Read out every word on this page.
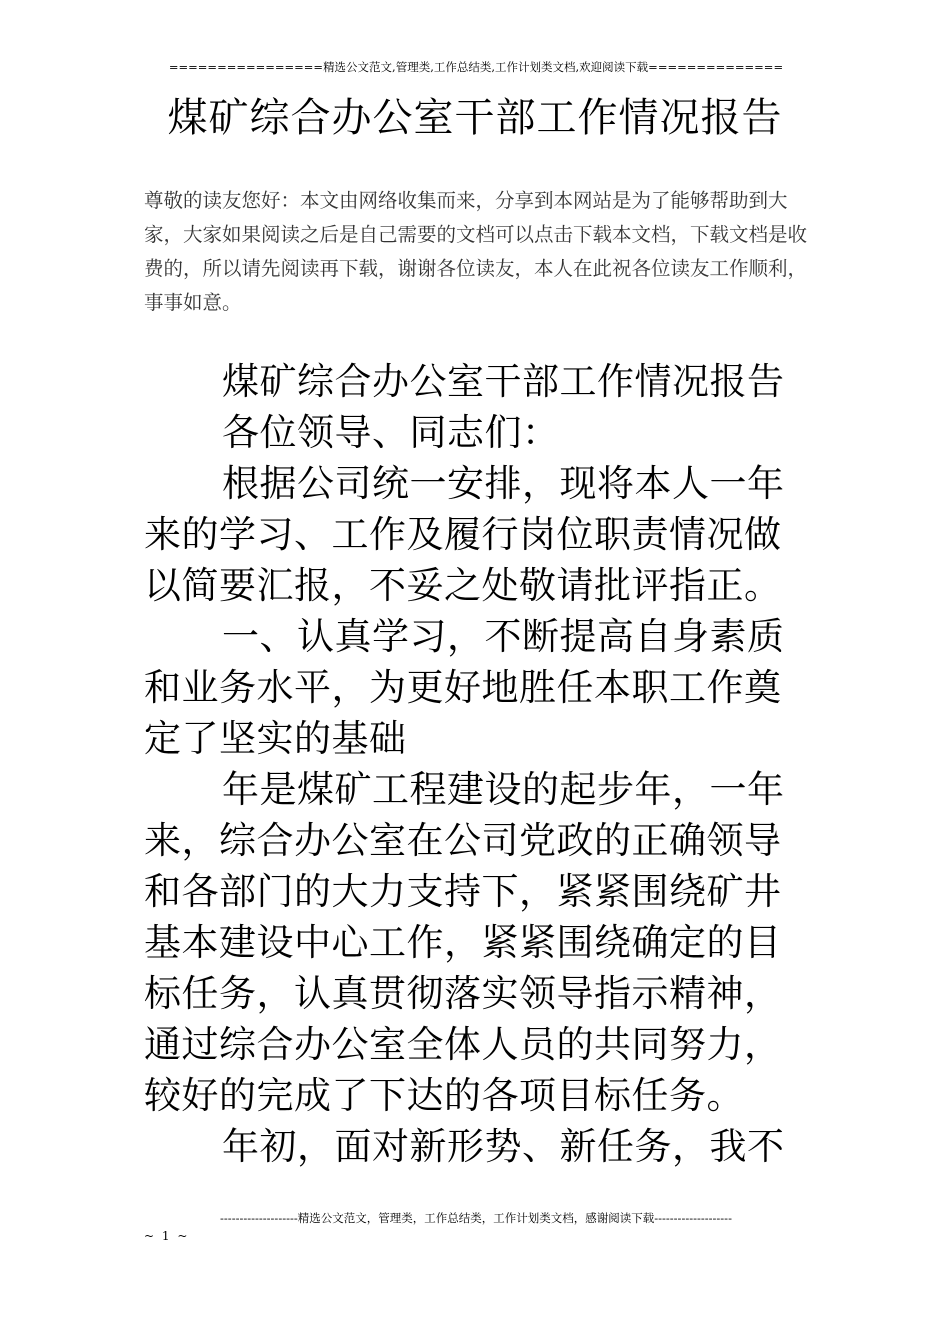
================精选公文范文,管理类,工作总结类,工作计划类文档,欢迎阅读下载==============
煤矿综合办公室干部工作情况报告

尊敬的读友您好：本文由网络收集而来，分享到本网站是为了能够帮助到大家，大家如果阅读之后是自己需要的文档可以点击下载本文档，下载文档是收费的，所以请先阅读再下载，谢谢各位读友，本人在此祝各位读友工作顺利，事事如意。

煤矿综合办公室干部工作情况报告

各位领导、同志们：

根据公司统一安排，现将本人一年来的学习、工作及履行岗位职责情况做以简要汇报，不妥之处敬请批评指正。

一、认真学习，不断提高自身素质和业务水平，为更好地胜任本职工作奠定了坚实的基础

年是煤矿工程建设的起步年，一年来，综合办公室在公司党政的正确领导和各部门的大力支持下，紧紧围绕矿井基本建设中心工作，紧紧围绕确定的目标任务，认真贯彻落实领导指示精神，通过综合办公室全体人员的共同努力，较好的完成了下达的各项目标任务。

年初，面对新形势、新任务，我不

--------------------精选公文范文，管理类，工作总结类，工作计划类文档，感谢阅读下载--------------------
~ 1 ~
